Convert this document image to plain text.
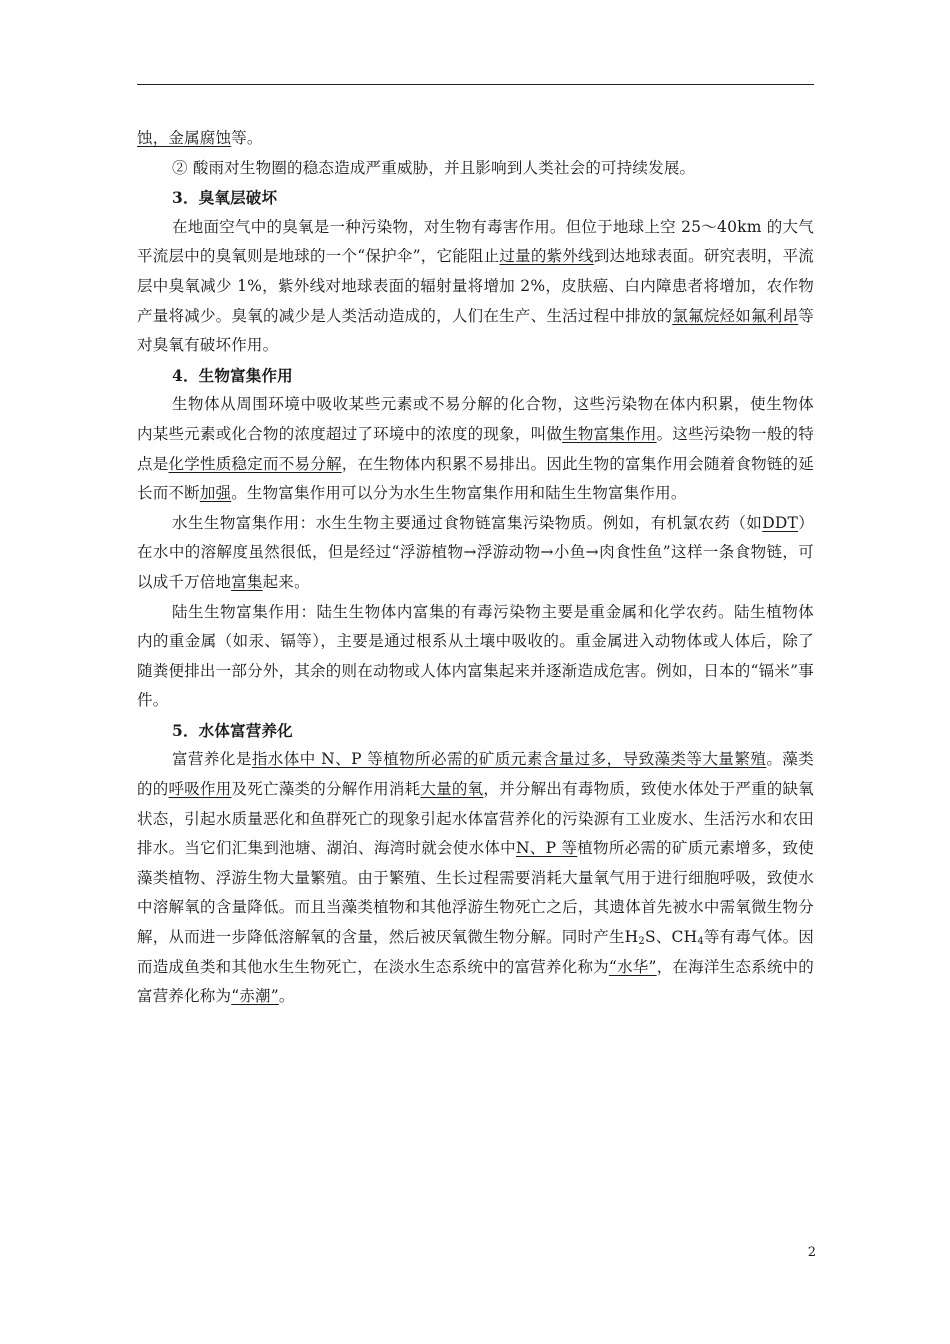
蚀，金属腐蚀等。

② 酸雨对生物圈的稳态造成严重威胁，并且影响到人类社会的可持续发展。

3．臭氧层破坏

在地面空气中的臭氧是一种污染物，对生物有毒害作用。但位于地球上空 25～40km 的大气平流层中的臭氧则是地球的一个“保护伞”，它能阻止过量的紫外线到达地球表面。研究表明，平流层中臭氧减少 1%，紫外线对地球表面的辐射量将增加 2%，皮肤癌、白内障患者将增加，农作物产量将减少。臭氧的减少是人类活动造成的，人们在生产、生活过程中排放的氯氟烷烃如氟利昂等对臭氧有破坏作用。

4．生物富集作用

生物体从周围环境中吸收某些元素或不易分解的化合物，这些污染物在体内积累，使生物体内某些元素或化合物的浓度超过了环境中的浓度的现象，叫做生物富集作用。这些污染物一般的特点是化学性质稳定而不易分解，在生物体内积累不易排出。因此生物的富集作用会随着食物链的延长而不断加强。生物富集作用可以分为水生生物富集作用和陆生生物富集作用。

水生生物富集作用：水生生物主要通过食物链富集污染物质。例如，有机氯农药（如DDT）在水中的溶解度虽然很低，但是经过“浮游植物→浮游动物→小鱼→肉食性鱼”这样一条食物链，可以成千万倍地富集起来。

陆生生物富集作用：陆生生物体内富集的有毒污染物主要是重金属和化学农药。陆生植物体内的重金属（如汞、镉等），主要是通过根系从土壤中吸收的。重金属进入动物体或人体后，除了随粪便排出一部分外，其余的则在动物或人体内富集起来并逐渐造成危害。例如，日本的“镉米”事件。

5．水体富营养化

富营养化是指水体中 N、P 等植物所必需的矿质元素含量过多，导致藻类等大量繁殖。藻类的的呼吸作用及死亡藻类的分解作用消耗大量的氧，并分解出有毒物质，致使水体处于严重的缺氧状态，引起水质量恶化和鱼群死亡的现象引起水体富营养化的污染源有工业废水、生活污水和农田排水。当它们汇集到池塘、湖泊、海湾时就会使水体中N、P 等植物所必需的矿质元素增多，致使藻类植物、浮游生物大量繁殖。由于繁殖、生长过程需要消耗大量氧气用于进行细胞呼吸，致使水中溶解氧的含量降低。而且当藻类植物和其他浮游生物死亡之后，其遗体首先被水中需氧微生物分解，从而进一步降低溶解氧的含量，然后被厌氧微生物分解。同时产生$H_2S$、$CH_4$等有毒气体。因而造成鱼类和其他水生生物死亡，在淡水生态系统中的富营养化称为“水华”，在海洋生态系统中的富营养化称为“赤潮”。

2
